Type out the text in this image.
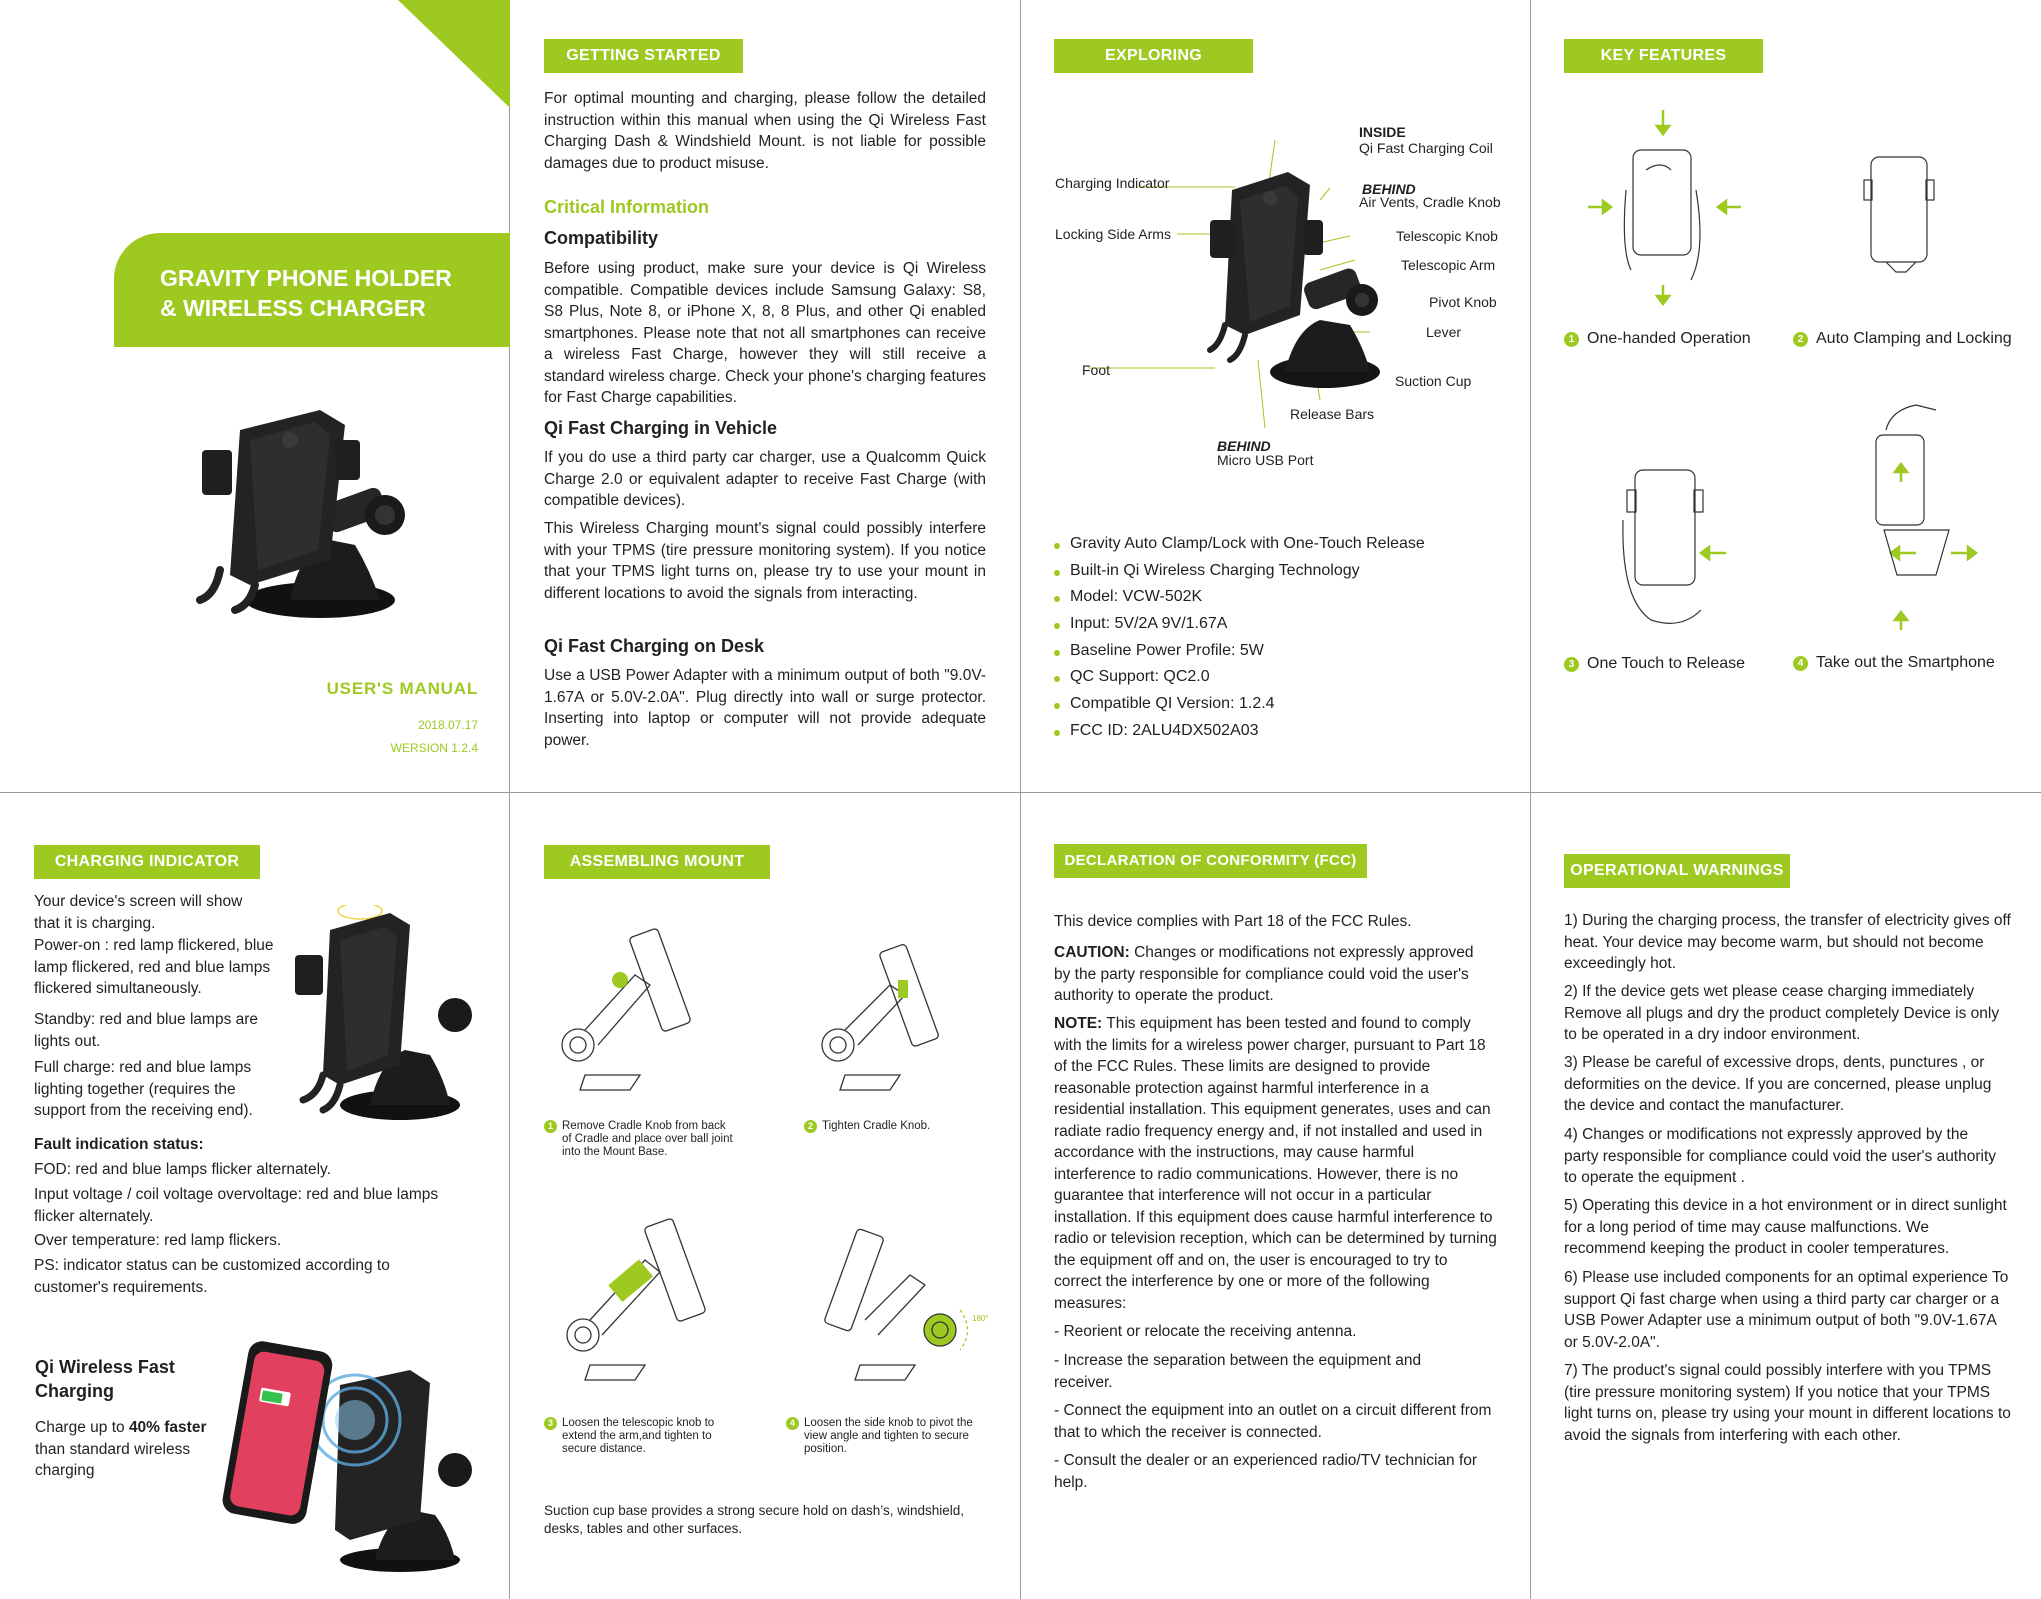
GRAVITY PHONE HOLDER
& WIRELESS CHARGER
USER'S MANUAL
2018.07.17
WERSION 1.2.4
GETTING STARTED
For optimal mounting and charging, please follow the detailed instruction within this manual when using the Qi Wireless Fast Charging Dash & Windshield Mount. is not liable for possible damages due to product misuse.
Critical Information
Compatibility
Before using product, make sure your device is Qi Wireless compatible. Compatible devices include Samsung Galaxy: S8, S8 Plus, Note 8, or iPhone X, 8, 8 Plus, and other Qi enabled smartphones. Please note that not all smartphones can receive a wireless Fast Charge, however they will still receive a standard wireless charge. Check your phone's charging features for Fast Charge capabilities.
Qi Fast Charging in Vehicle
If you do use a third party car charger, use a Qualcomm Quick Charge 2.0 or equivalent adapter to receive Fast Charge (with compatible devices).
This Wireless Charging mount's signal could possibly interfere with your TPMS (tire pressure monitoring system). If you notice that your TPMS light turns on, please try to use your mount in different locations to avoid the signals from interacting.
Qi Fast Charging on Desk
Use a USB Power Adapter with a minimum output of both "9.0V-1.67A or 5.0V-2.0A". Plug directly into wall or surge protector. Inserting into laptop or computer will not provide adequate power.
EXPLORING
INSIDE
Qi Fast Charging Coil
Charging Indicator	BEHIND
Air Vents, Cradle Knob
Locking Side Arms	Telescopic Knob
Telescopic Arm
Pivot Knob
Lever
Foot
Suction Cup
Release Bars
BEHIND
Micro USB Port
Gravity Auto Clamp/Lock with One-Touch Release
Built-in Qi Wireless Charging Technology
Model: VCW-502K
Input: 5V/2A 9V/1.67A
Baseline Power Profile: 5W
QC Support: QC2.0
Compatible QI Version: 1.2.4
FCC ID: 2ALU4DX502A03
KEY FEATURES
1 One-handed Operation	2 Auto Clamping and Locking
3 One Touch to Release	4 Take out the Smartphone
CHARGING INDICATOR
Your device's screen will show that it is charging.
Power-on : red lamp flickered, blue lamp flickered, red and blue lamps flickered simultaneously.
Standby: red and blue lamps are lights out.
Full charge: red and blue lamps lighting together (requires the support from the receiving end).
Fault indication status:
FOD: red and blue lamps flicker alternately.
Input voltage / coil voltage overvoltage: red and blue lamps flicker alternately.
Over temperature: red lamp flickers.
PS: indicator status can be customized according to customer's requirements.
Qi Wireless Fast Charging
Charge up to 40% faster than standard wireless charging
ASSEMBLING MOUNT
1 Remove Cradle Knob from back of Cradle and place over ball joint into the Mount Base.
2 Tighten Cradle Knob.
3 Loosen the telescopic knob to extend the arm,and tighten to secure distance.
4 Loosen the side knob to pivot the view angle and tighten to secure position.
180°
Suction cup base provides a strong secure hold on dash’s, windshield, desks, tables and other surfaces.
DECLARATION OF CONFORMITY (FCC)
This device complies with Part 18 of the FCC Rules.
CAUTION: Changes or modifications not expressly approved by the party responsible for compliance could void the user's authority to operate the product.
NOTE: This equipment has been tested and found to comply with the limits for a wireless power charger, pursuant to Part 18 of the FCC Rules. These limits are designed to provide reasonable protection against harmful interference in a residential installation. This equipment generates, uses and can radiate radio frequency energy and, if not installed and used in accordance with the instructions, may cause harmful interference to radio communications. However, there is no guarantee that interference will not occur in a particular installation. If this equipment does cause harmful interference to radio or television reception, which can be determined by turning the equipment off and on, the user is encouraged to try to correct the interference by one or more of the following measures:
- Reorient or relocate the receiving antenna.
- Increase the separation between the equipment and receiver.
- Connect the equipment into an outlet on a circuit different from that to which the receiver is connected.
- Consult the dealer or an experienced radio/TV technician for help.
OPERATIONAL WARNINGS
1) During the charging process, the transfer of electricity gives off heat. Your device may become warm, but should not become exceedingly hot.
2) If the device gets wet please cease charging immediately Remove all plugs and dry the product completely Device is only to be operated in a dry indoor environment.
3) Please be careful of excessive drops, dents, punctures , or deformities on the device. If you are concerned, please unplug the device and contact the manufacturer.
4) Changes or modifications not expressly approved by the party responsible for compliance could void the user's authority to operate the equipment .
5) Operating this device in a hot environment or in direct sunlight for a long period of time may cause malfunctions. We recommend keeping the product in cooler temperatures.
6) Please use included components for an optimal experience To support Qi fast charge when using a third party car charger or a USB Power Adapter use a minimum output of both "9.0V-1.67A or 5.0V-2.0A".
7) The product's signal could possibly interfere with you TPMS (tire pressure monitoring system) If you notice that your TPMS light turns on, please try using your mount in different locations to avoid the signals from interfering with each other.
